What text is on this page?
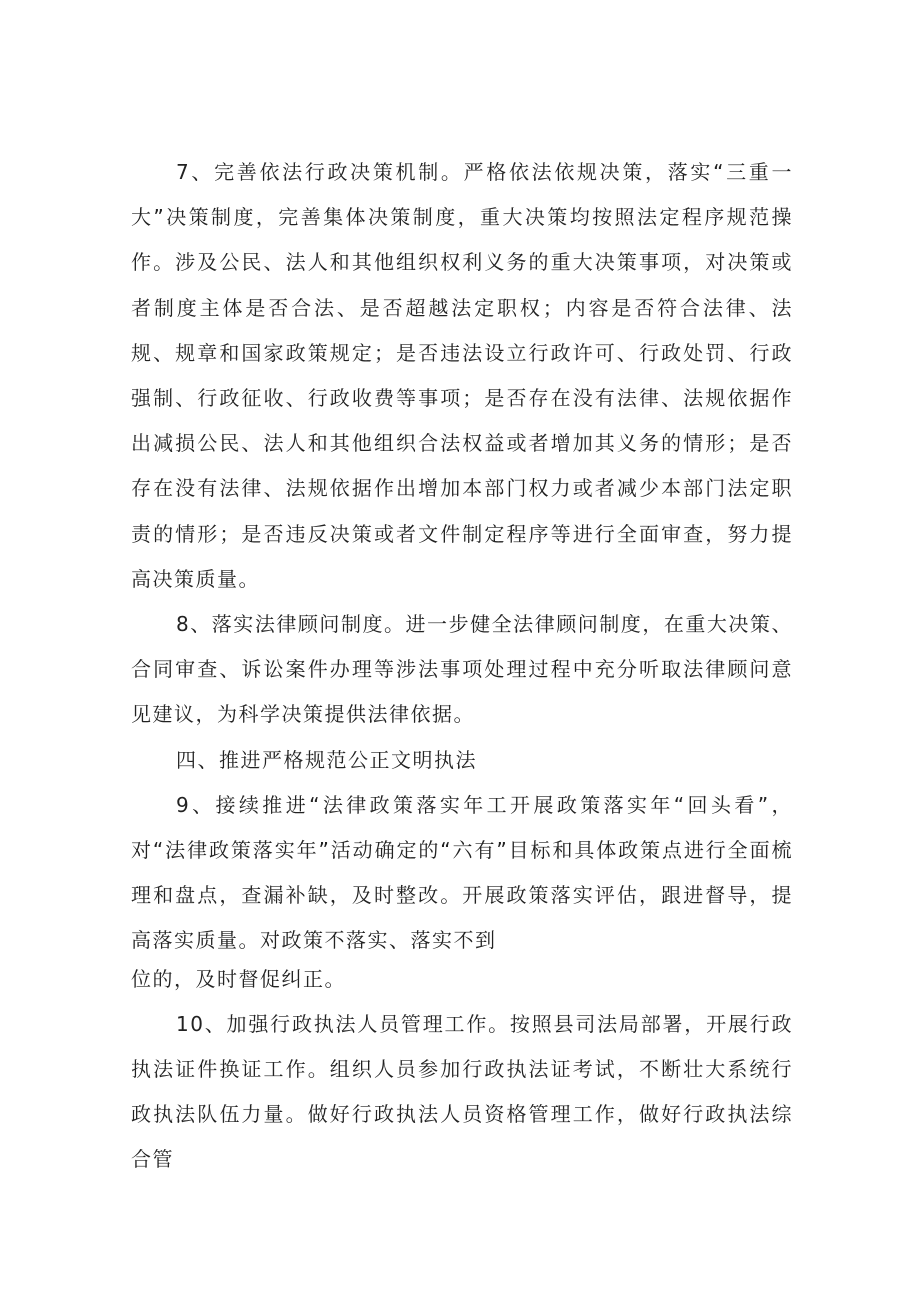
7、完善依法行政决策机制。严格依法依规决策，落实“三重一大”决策制度，完善集体决策制度，重大决策均按照法定程序规范操作。涉及公民、法人和其他组织权利义务的重大决策事项，对决策或者制度主体是否合法、是否超越法定职权；内容是否符合法律、法规、规章和国家政策规定；是否违法设立行政许可、行政处罚、行政强制、行政征收、行政收费等事项；是否存在没有法律、法规依据作出减损公民、法人和其他组织合法权益或者增加其义务的情形；是否存在没有法律、法规依据作出增加本部门权力或者减少本部门法定职责的情形；是否违反决策或者文件制定程序等进行全面审查，努力提高决策质量。

8、落实法律顾问制度。进一步健全法律顾问制度，在重大决策、合同审查、诉讼案件办理等涉法事项处理过程中充分听取法律顾问意见建议，为科学决策提供法律依据。

四、推进严格规范公正文明执法

9、接续推进“法律政策落实年工开展政策落实年“回头看”，对“法律政策落实年”活动确定的“六有”目标和具体政策点进行全面梳理和盘点，查漏补缺，及时整改。开展政策落实评估，跟进督导，提高落实质量。对政策不落实、落实不到

位的，及时督促纠正。

10、加强行政执法人员管理工作。按照县司法局部署，开展行政执法证件换证工作。组织人员参加行政执法证考试，不断壮大系统行政执法队伍力量。做好行政执法人员资格管理工作，做好行政执法综合管
